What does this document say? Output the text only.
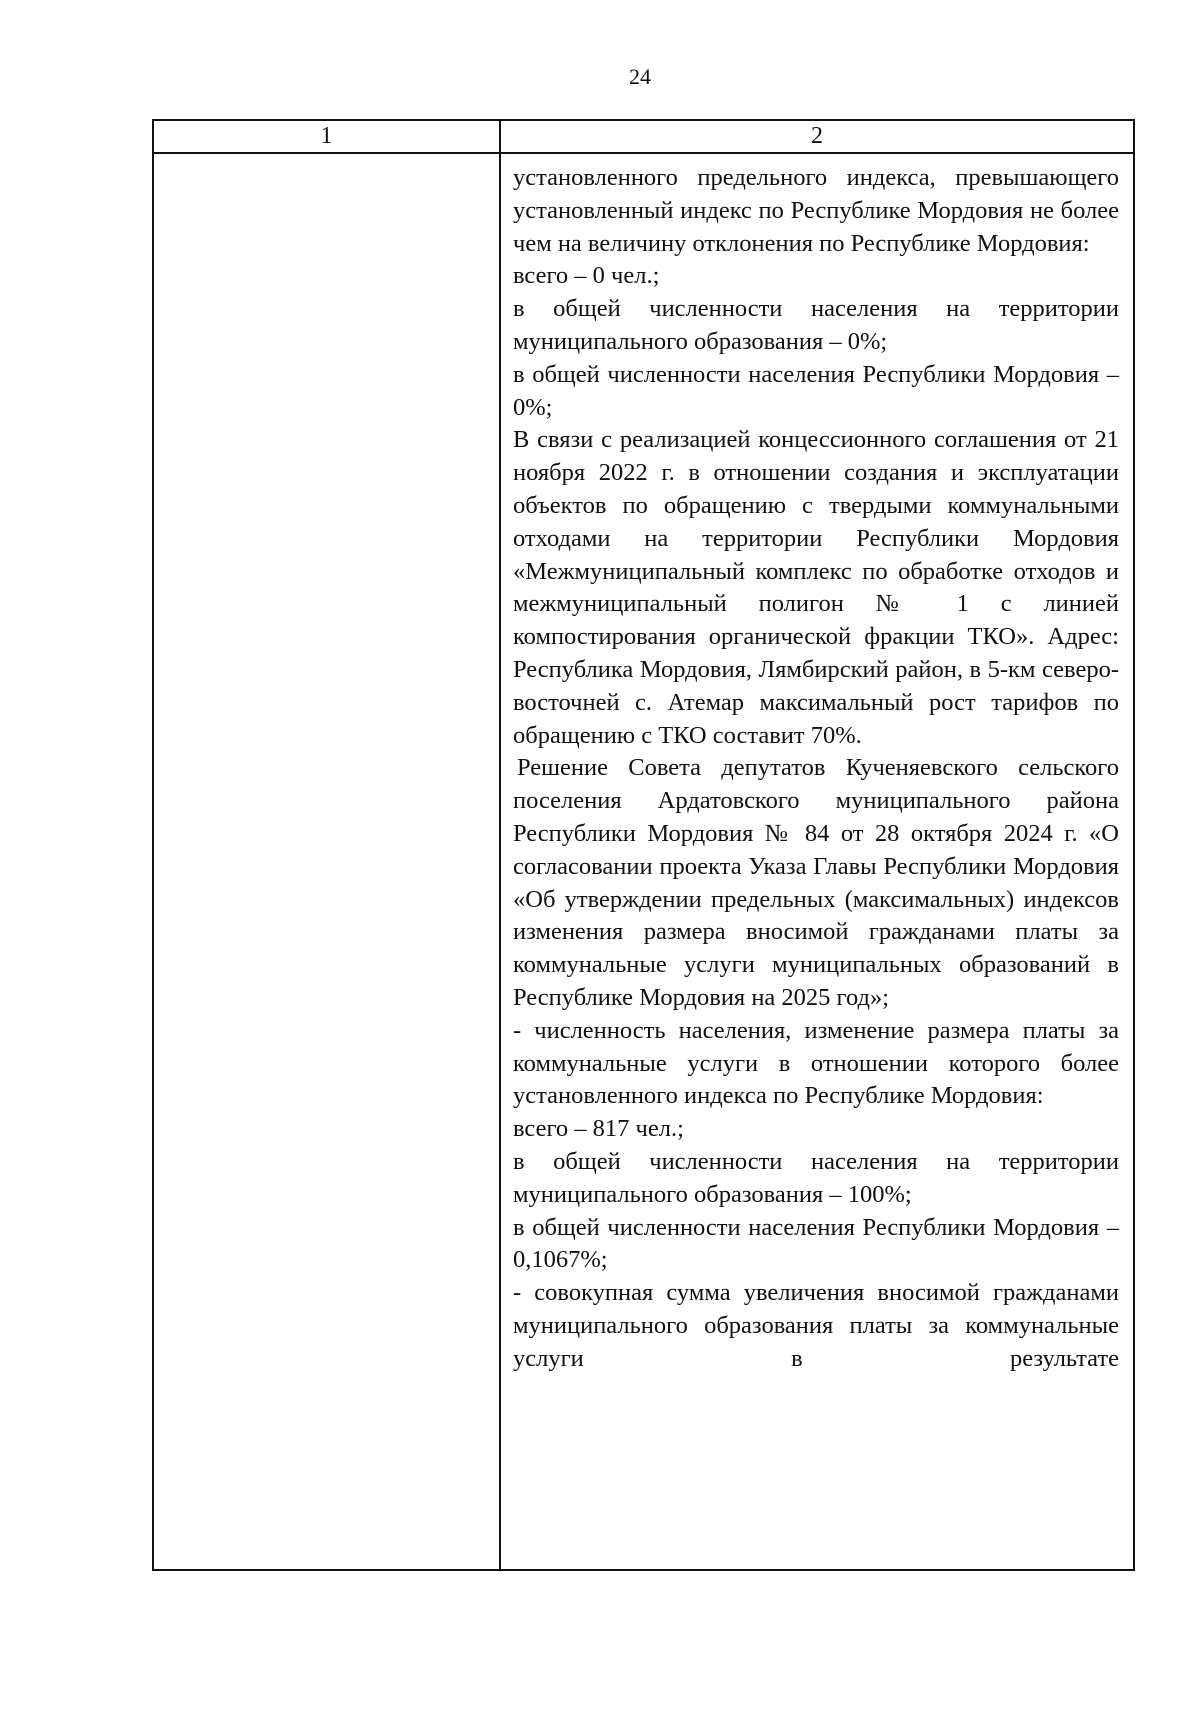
24
1	2

установленного предельного индекса, превышающего установленный индекс по Республике Мордовия не более чем на величину отклонения по Республике Мордовия:

всего – 0 чел.;

в общей численности населения на территории муниципального образования – 0%;

в общей численности населения Республики Мордовия – 0%;

В связи с реализацией концессионного соглашения от 21 ноября 2022 г. в отношении создания и эксплуатации объектов по обращению с твердыми коммунальными отходами на территории Республики Мордовия «Межмуниципальный комплекс по обработке отходов и межмуниципальный полигон № 1 с линией компостирования органической фракции ТКО». Адрес: Республика Мордовия, Лямбирский район, в 5-км северо-восточней с. Атемар максимальный рост тарифов по обращению с ТКО составит 70%.

Решение Совета депутатов Кученяевского сельского поселения Ардатовского муниципального района Республики Мордовия № 84 от 28 октября 2024 г. «О согласовании проекта Указа Главы Республики Мордовия «Об утверждении предельных (максимальных) индексов изменения размера вносимой гражданами платы за коммунальные услуги муниципальных образований в Республике Мордовия на 2025 год»;

- численность населения, изменение размера платы за коммунальные услуги в отношении которого более установленного индекса по Республике Мордовия:

всего – 817 чел.;

в общей численности населения на территории муниципального образования – 100%;

в общей численности населения Республики Мордовия – 0,1067%;

- совокупная сумма увеличения вносимой гражданами муниципального образования платы за коммунальные услуги в результате
